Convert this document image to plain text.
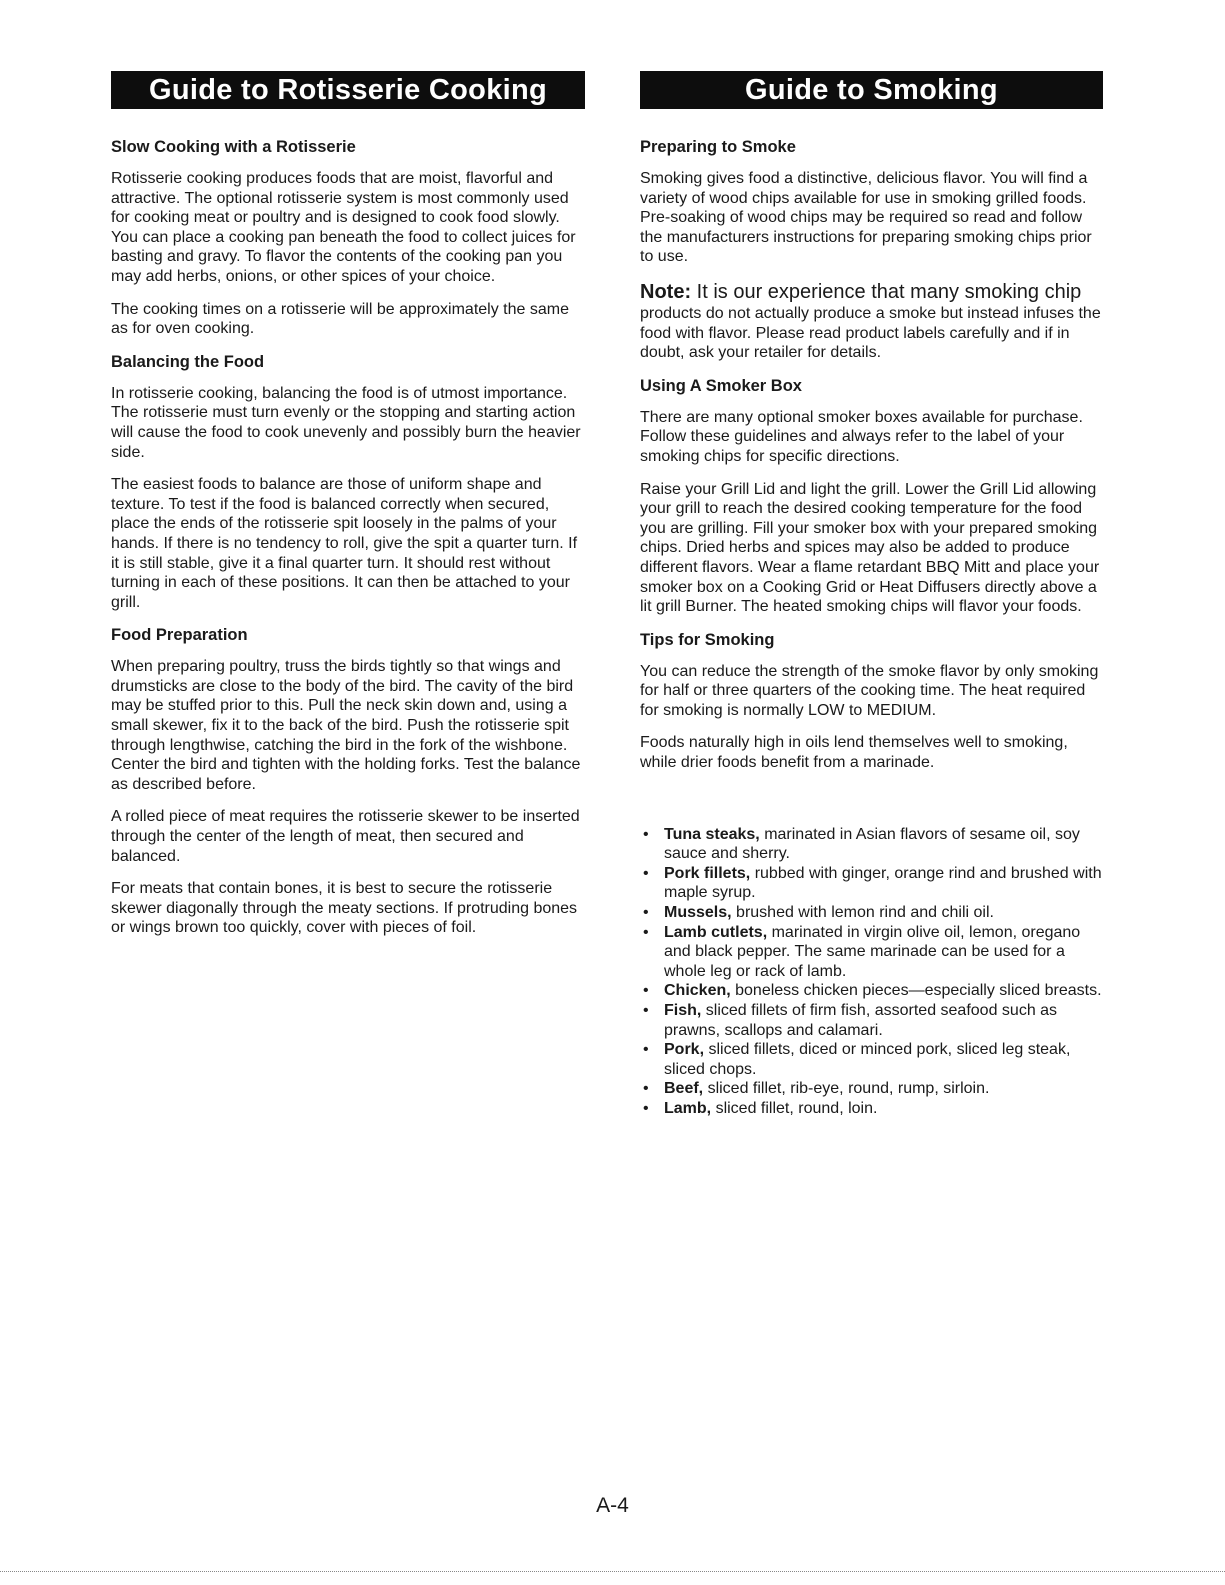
Guide to Rotisserie Cooking
Slow Cooking with a Rotisserie

Rotisserie cooking produces foods that are moist, flavorful and attractive. The optional rotisserie system is most commonly used for cooking meat or poultry and is designed to cook food slowly. You can place a cooking pan beneath the food to collect juices for basting and gravy. To flavor the contents of the cooking pan you may add herbs, onions, or other spices of your choice.

The cooking times on a rotisserie will be approximately the same as for oven cooking.

Balancing the Food

In rotisserie cooking, balancing the food is of utmost importance. The rotisserie must turn evenly or the stopping and starting action will cause the food to cook unevenly and possibly burn the heavier side.

The easiest foods to balance are those of uniform shape and texture. To test if the food is balanced correctly when secured, place the ends of the rotisserie spit loosely in the palms of your hands. If there is no tendency to roll, give the spit a quarter turn. If it is still stable, give it a final quarter turn. It should rest without turning in each of these positions. It can then be attached to your grill.

Food Preparation

When preparing poultry, truss the birds tightly so that wings and drumsticks are close to the body of the bird. The cavity of the bird may be stuffed prior to this. Pull the neck skin down and, using a small skewer, fix it to the back of the bird. Push the rotisserie spit through lengthwise, catching the bird in the fork of the wishbone. Center the bird and tighten with the holding forks. Test the balance as described before.

A rolled piece of meat requires the rotisserie skewer to be inserted through the center of the length of meat, then secured and balanced.

For meats that contain bones, it is best to secure the rotisserie skewer diagonally through the meaty sections. If protruding bones or wings brown too quickly, cover with pieces of foil.

Guide to Smoking
Preparing to Smoke

Smoking gives food a distinctive, delicious flavor. You will find a variety of wood chips available for use in smoking grilled foods. Pre-soaking of wood chips may be required so read and follow the manufacturers instructions for preparing smoking chips prior to use.

Note: It is our experience that many smoking chip

products do not actually produce a smoke but instead infuses the food with flavor. Please read product labels carefully and if in doubt, ask your retailer for details.

Using A Smoker Box

There are many optional smoker boxes available for purchase. Follow these guidelines and always refer to the label of your smoking chips for specific directions.

Raise your Grill Lid and light the grill. Lower the Grill Lid allowing your grill to reach the desired cooking temperature for the food you are grilling. Fill your smoker box with your prepared smoking chips. Dried herbs and spices may also be added to produce different flavors. Wear a flame retardant BBQ Mitt and place your smoker box on a Cooking Grid or Heat Diffusers directly above a lit grill Burner. The heated smoking chips will flavor your foods.

Tips for Smoking

You can reduce the strength of the smoke flavor by only smoking for half or three quarters of the cooking time. The heat required for smoking is normally LOW to MEDIUM.

Foods naturally high in oils lend themselves well to smoking, while drier foods benefit from a marinade.

• Tuna steaks, marinated in Asian flavors of sesame oil, soy sauce and sherry.
• Pork fillets, rubbed with ginger, orange rind and brushed with maple syrup.
• Mussels, brushed with lemon rind and chili oil.
• Lamb cutlets, marinated in virgin olive oil, lemon, oregano and black pepper. The same marinade can be used for a whole leg or rack of lamb.
• Chicken, boneless chicken pieces—especially sliced breasts.
• Fish, sliced fillets of firm fish, assorted seafood such as prawns, scallops and calamari.
• Pork, sliced fillets, diced or minced pork, sliced leg steak, sliced chops.
• Beef, sliced fillet, rib-eye, round, rump, sirloin.
• Lamb, sliced fillet, round, loin.
A-4
